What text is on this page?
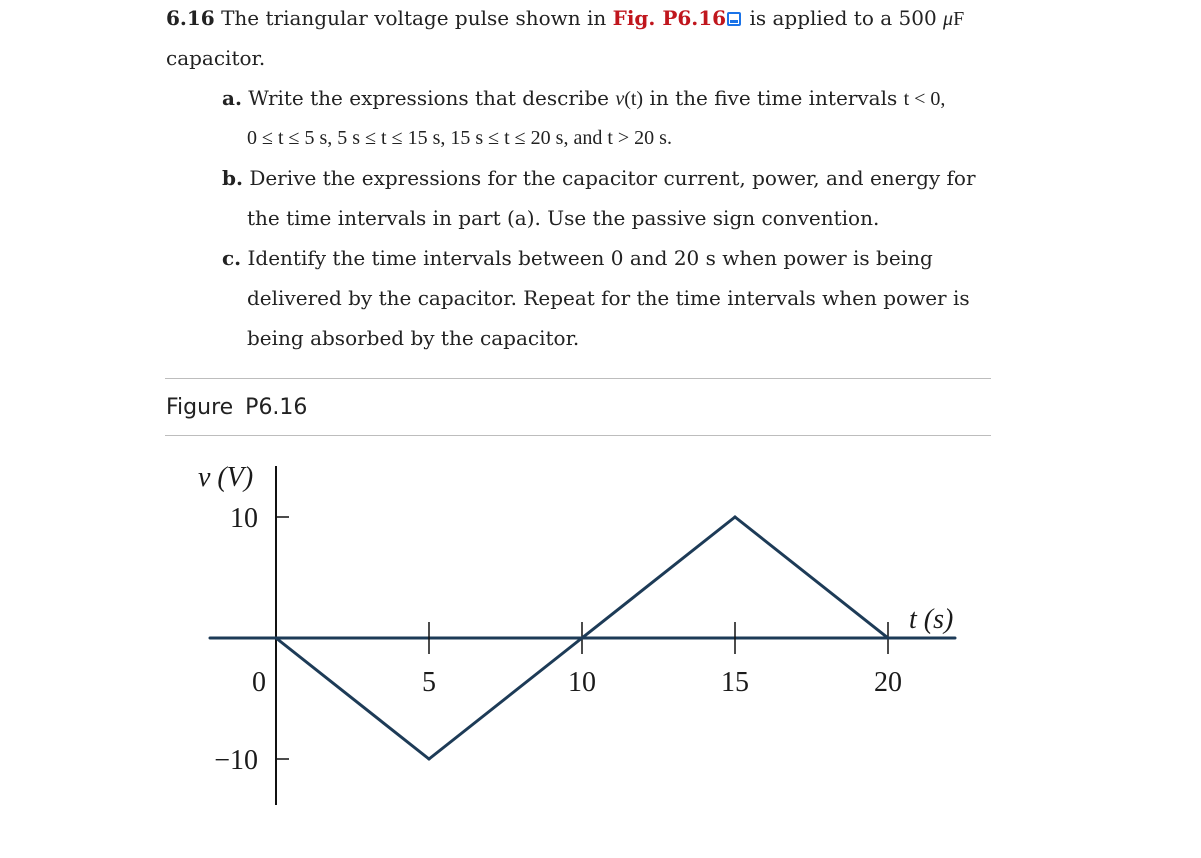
6.16 The triangular voltage pulse shown in Fig. P6.16 is applied to a 500 μF
capacitor.
a. Write the expressions that describe v(t) in the five time intervals t < 0,
0 ≤ t ≤ 5 s, 5 s ≤ t ≤ 15 s, 15 s ≤ t ≤ 20 s, and t > 20 s.
b. Derive the expressions for the capacitor current, power, and energy for
the time intervals in part (a). Use the passive sign convention.
c. Identify the time intervals between 0 and 20 s when power is being
delivered by the capacitor. Repeat for the time intervals when power is
being absorbed by the capacitor.
Figure P6.16
10
−10
0	5	10	15	20
v (V)
t (s)
